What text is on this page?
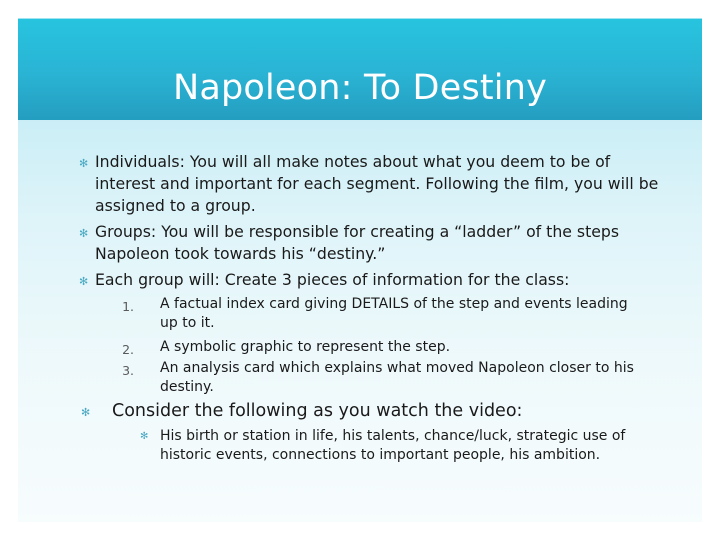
Napoleon: To Destiny
✻ Individuals: You will all make notes about what you deem to be of interest and important for each segment. Following the film, you will be assigned to a group.
✻ Groups: You will be responsible for creating a “ladder” of the steps Napoleon took towards his “destiny.”
✻ Each group will: Create 3 pieces of information for the class:
1. A factual index card giving DETAILS of the step and events leading up to it.
2. A symbolic graphic to represent the step.
3. An analysis card which explains what moved Napoleon closer to his destiny.
✻ Consider the following as you watch the video:
✻ His birth or station in life, his talents, chance/luck, strategic use of historic events, connections to important people, his ambition.
